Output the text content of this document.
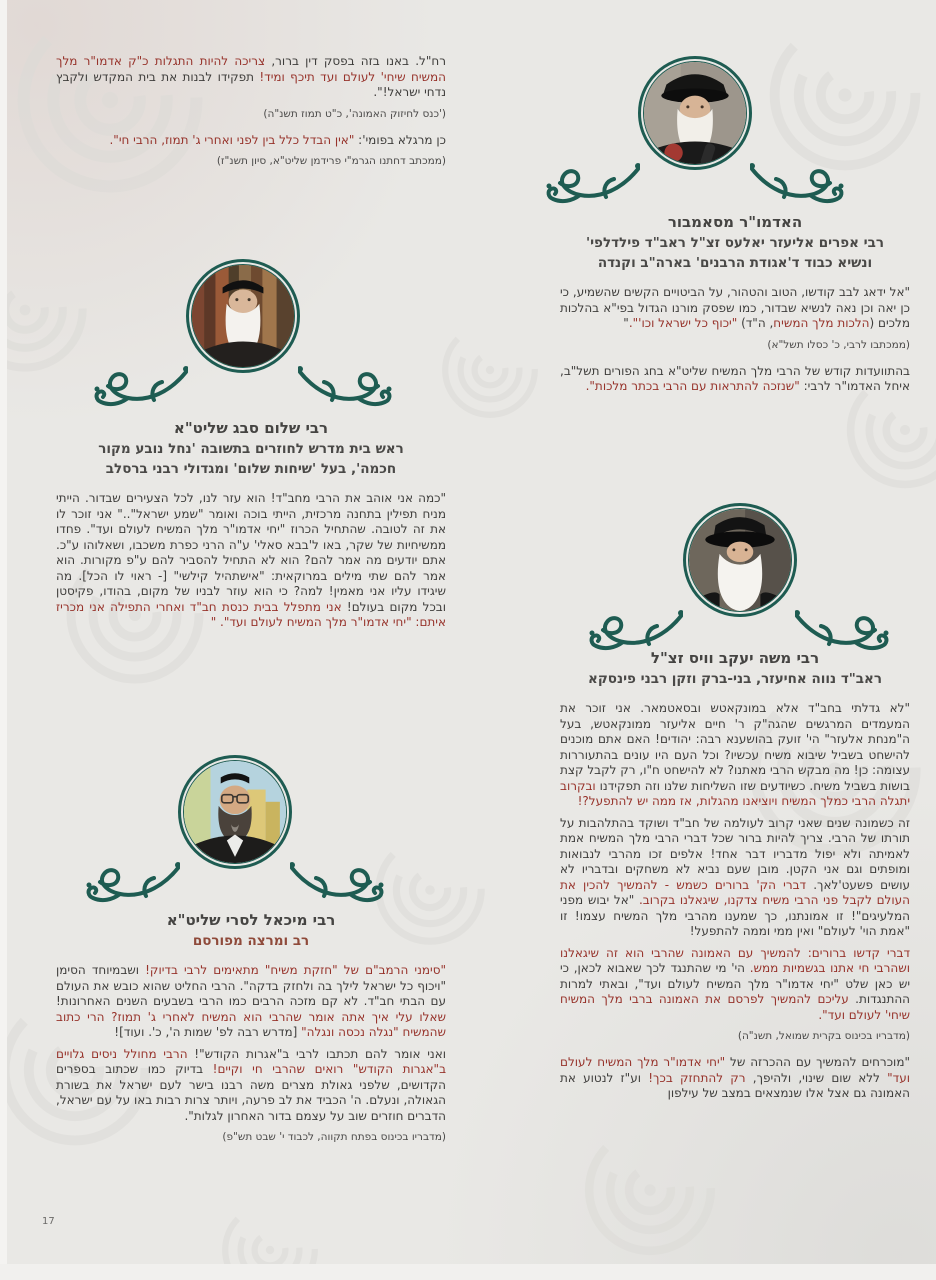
רח"ל. באנו בזה בפסק דין ברור, צריכה להיות התגלות כ"ק אדמו"ר מלך המשיח שיחי' לעולם ועד תיכף ומיד! תפקידו לבנות את בית המקדש ולקבץ נדחי ישראל!".

('כנס לחיזוק האמונה', כ"ט תמוז תשנ"ה)

כן מרגלא בפומי': "אין הבדל כלל בין לפני ואחרי ג' תמוז, הרבי חי".

(ממכתב דחתנו הגרמ"י פרידמן שליט"א, סיון תשנ"ז)

האדמו"ר מסאמבור
רבי אפרים אליעזר יאלעס זצ"ל ראב"ד פילדלפי'
ונשיא כבוד ד'אגודת הרבנים' בארה"ב וקנדה

"אל ידאג לבב קודשו, הטוב והטהור, על הביטויים הקשים שהשמיע, כי כן יאה וכן נאה לנשיא שבדור, כמו שפסק מורנו הגדול בפי"א בהלכות מלכים (הלכות מלך המשיח, ה"ד) "יכוף כל ישראל וכו'"."

(ממכתבו לרבי, כ' כסלו תשל"א)

בהתוועדות קודש של הרבי מלך המשיח שליט"א בחג הפורים תשל"ב, איחל האדמו"ר לרבי: "שנזכה להתראות עם הרבי בכתר מלכות".

רבי שלום סבג שליט"א
ראש בית מדרש לחוזרים בתשובה 'נחל נובע מקור
חכמה', בעל 'שיחות שלום' ומגדולי רבני ברסלב

"כמה אני אוהב את הרבי מחב"ד! הוא עזר לנו, לכל הצעירים שבדור. הייתי מניח תפילין בתחנה מרכזית, הייתי בוכה ואומר "שמע ישראל".." אני זוכר לו את זה לטובה. שהתחיל הכרוז "יחי אדמו"ר מלך המשיח לעולם ועד". פחדו ממשיחיות של שקר, באו ל'בבא סאלי' ע"ה הרני כפרת משכבו, ושאלוהו ע"כ. אתם יודעים מה אמר להם? הוא לא התחיל להסביר להם ע"פ מקורות. הוא אמר להם שתי מילים במרוקאית: "אישתהיל קילשי" [- ראוי לו הכל]. מה שיגידו עליו אני מאמין! למה? כי הוא עוזר לבניו של מקום, בהודו, פקיסטן ובכל מקום בעולם! אני מתפלל בבית כנסת חב"ד ואחרי התפילה אני מכריז איתם: "יחי אדמו"ר מלך המשיח לעולם ועד". "

רבי משה יעקב וויס זצ"ל
ראב"ד נווה אחיעזר, בני-ברק וזקן רבני פינסקא

"לא גדלתי בחב"ד אלא במונקאטש ובסאטמאר. אני זוכר את המעמדים המרגשים שהגה"ק ר' חיים אליעזר ממונקאטש, בעל ה"מנחת אלעזר" הי' זועק בהושענא רבה: יהודים! האם אתם מוכנים להישחט בשביל שיבוא משיח עכשיו? וכל העם היו עונים בהתעוררות עצומה: כן! מה מבקש הרבי מאתנו? לא להישחט ח"ו, רק לקבל קצת בושות בשביל משיח. כשיודעים שזו השליחות שלנו וזה תפקידנו ובקרוב יתגלה הרבי כמלך המשיח ויוציאנו מהגלות, אז ממה יש להתפעל?!

זה כשמונה שנים שאני קרוב לעולמה של חב"ד ושוקד בהתלהבות על תורתו של הרבי. צריך להיות ברור שכל דברי הרבי מלך המשיח אמת לאמיתה ולא יפול מדבריו דבר אחד! אלפים זכו מהרבי לנבואות ומופתים וגם אני הקטן. מובן שעם נביא לא משחקים ובדבריו לא עושים פשעט'לאך. דברי הק' ברורים כשמש - להמשיך להכין את העולם לקבל פני הרבי משיח צדקנו, שיגאלנו בקרוב. "אל יבוש מפני המלעיגים"! זו אמונתנו, כך שמענו מהרבי מלך המשיח עצמו! זו "אמת הוי' לעולם" ואין ממי וממה להתפעל!

דברי קדשו ברורים: להמשיך עם האמונה שהרבי הוא זה שיגאלנו ושהרבי חי אתנו בגשמיות ממש. הי' מי שהתנגד לכך שאבוא לכאן, כי יש כאן שלט "יחי אדמו"ר מלך המשיח לעולם ועד", ובאתי למרות ההתנגדות. עליכם להמשיך לפרסם את האמונה ברבי מלך המשיח שיחי' לעולם ועד".

(מדבריו בכינוס בקרית שמואל, תשנ"ה)

"מוכרחים להמשיך עם ההכרזה של "יחי אדמו"ר מלך המשיח לעולם ועד" ללא שום שינוי, ולהיפך, רק להתחזק בכך! וע"ז לנטוע את האמונה גם אצל אלו שנמצאים במצב של עילפון

רבי מיכאל לסרי שליט"א
רב ומרצה מפורסם

"סימני הרמב"ם של "חזקת משיח" מתאימים לרבי בדיוק! ושבמיוחד הסימן "ויכוף כל ישראל לילך בה ולחזק בדקה". הרבי החליט שהוא כובש את העולם עם הבתי חב"ד. לא קם מזכה הרבים כמו הרבי בשבעים השנים האחרונות! שאלו עלי איך אתה אומר שהרבי הוא המשיח לאחרי ג' תמוז? הרי כתוב שהמשיח "נגלה נכסה ונגלה" [מדרש רבה לפ' שמות ה', כ'. ועוד]!

ואני אומר להם תכתבו לרבי ב"אגרות הקודש"! הרבי מחולל ניסים גלויים ב"אגרות הקודש" רואים שהרבי חי וקיים! בדיוק כמו שכתוב בספרים הקדושים, שלפני גאולת מצרים משה רבנו בישר לעם ישראל את בשורת הגאולה, ונעלם. ה' הכביד את לב פרעה, ויותר צרות רבות באו על עם ישראל, הדברים חוזרים שוב על עצמם בדור האחרון לגלות".

(מדבריו בכינוס בפתח תקווה, לכבוד י' שבט תש"פ)

17
